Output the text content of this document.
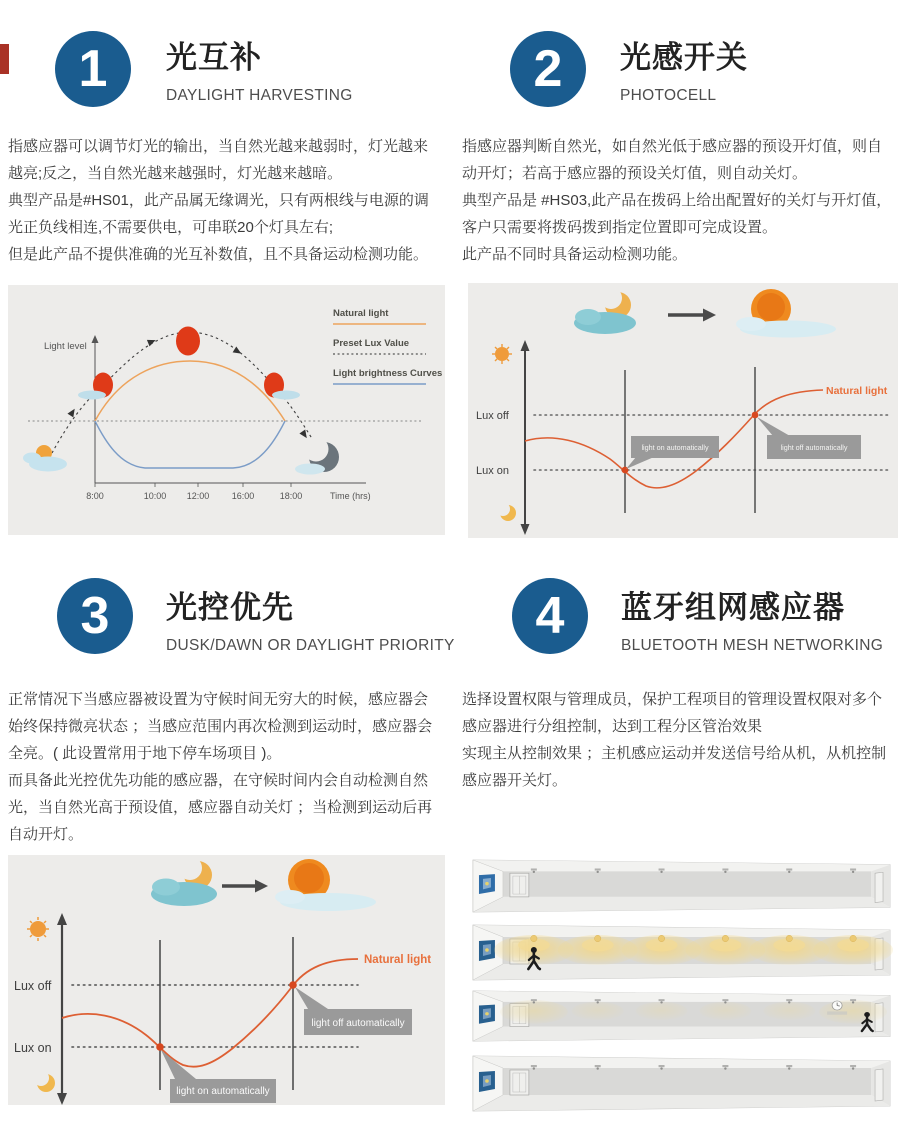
1 光互补
DAYLIGHT HARVESTING	2 光感开关
PHOTOCELL

指感应器可以调节灯光的输出，当自然光越来越弱时，灯光越来越亮;反之，当自然光越来越强时，灯光越来越暗。

典型产品是#HS01，此产品属无缘调光，只有两根线与电源的调光正负线相连,不需要供电，可串联20个灯具左右;

但是此产品不提供准确的光互补数值，且不具备运动检测功能。

指感应器判断自然光，如自然光低于感应器的预设开灯值，则自动开灯；若高于感应器的预设关灯值，则自动关灯。

典型产品是 #HS03,此产品在拨码上给出配置好的关灯与开灯值，客户只需要将拨码拨到指定位置即可完成设置。

此产品不同时具备运动检测功能。

Light level
8:00	10:00 12:00 16:00	18:00	Time (hrs)
Natural light
Preset Lux Value
Light brightness Curves
Lux off
Lux on
Natural light
light on automatically	light off automatically
3 光控优先
DUSK/DAWN OR DAYLIGHT PRIORITY
4 蓝牙组网感应器
BLUETOOTH MESH NETWORKING

正常情况下当感应器被设置为守候时间无穷大的时候，感应器会始终保持微亮状态 ；当感应范围内再次检测到运动时，感应器会全亮。( 此设置常用于地下停车场项目 )。

而具备此光控优先功能的感应器，在守候时间内会自动检测自然光，当自然光高于预设值，感应器自动关灯 ；当检测到运动后再自动开灯。

选择设置权限与管理成员，保护工程项目的管理设置权限对多个感应器进行分组控制，达到工程分区管治效果

实现主从控制效果 ；主机感应运动并发送信号给从机，从机控制感应器开关灯。

Lux off
Lux on
Natural light
light off automatically
light on automatically
